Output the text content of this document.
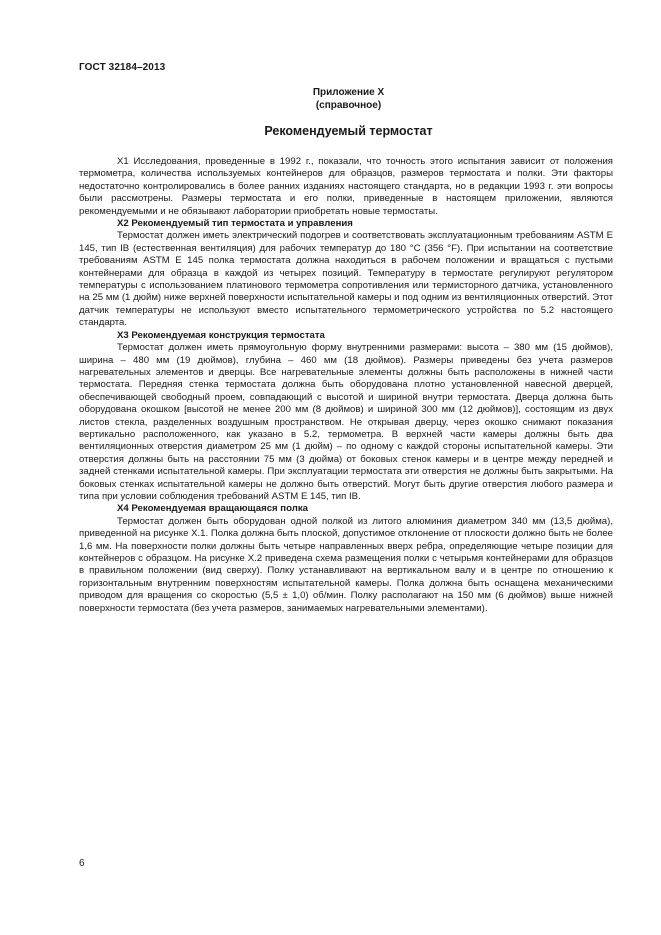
ГОСТ 32184–2013
Приложение Х
(справочное)
Рекомендуемый термостат

Х1 Исследования, проведенные в 1992 г., показали, что точность этого испытания зависит от положения термометра, количества используемых контейнеров для образцов, размеров термостата и полки. Эти факторы недостаточно контролировались в более ранних изданиях настоящего стандарта, но в редакции 1993 г. эти вопросы были рассмотрены. Размеры термостата и его полки, приведенные в настоящем приложении, являются рекомендуемыми и не обязывают лаборатории приобретать новые термостаты.

Х2 Рекомендуемый тип термостата и управления

Термостат должен иметь электрический подогрев и соответствовать эксплуатационным требованиям ASTM E 145, тип IB (естественная вентиляция) для рабочих температур до 180 °C (356 °F). При испытании на соответствие требованиям ASTM E 145 полка термостата должна находиться в рабочем положении и вращаться с пустыми контейнерами для образца в каждой из четырех позиций. Температуру в термостате регулируют регулятором температуры с использованием платинового термометра сопротивления или термисторного датчика, установленного на 25 мм (1 дюйм) ниже верхней поверхности испытательной камеры и под одним из вентиляционных отверстий. Этот датчик температуры не используют вместо испытательного термометрического устройства по 5.2 настоящего стандарта.

Х3 Рекомендуемая конструкция термостата

Термостат должен иметь прямоугольную форму внутренними размерами: высота – 380 мм (15 дюймов), ширина – 480 мм (19 дюймов), глубина – 460 мм (18 дюймов). Размеры приведены без учета размеров нагревательных элементов и дверцы. Все нагревательные элементы должны быть расположены в нижней части термостата. Передняя стенка термостата должна быть оборудована плотно установленной навесной дверцей, обеспечивающей свободный проем, совпадающий с высотой и шириной внутри термостата. Дверца должна быть оборудована окошком [высотой не менее 200 мм (8 дюймов) и шириной 300 мм (12 дюймов)], состоящим из двух листов стекла, разделенных воздушным пространством. Не открывая дверцу, через окошко снимают показания вертикально расположенного, как указано в 5.2, термометра. В верхней части камеры должны быть два вентиляционных отверстия диаметром 25 мм (1 дюйм) – по одному с каждой стороны испытательной камеры. Эти отверстия должны быть на расстоянии 75 мм (3 дюйма) от боковых стенок камеры и в центре между передней и задней стенками испытательной камеры. При эксплуатации термостата эти отверстия не должны быть закрытыми. На боковых стенках испытательной камеры не должно быть отверстий. Могут быть другие отверстия любого размера и типа при условии соблюдения требований ASTM E 145, тип IB.

Х4 Рекомендуемая вращающаяся полка

Термостат должен быть оборудован одной полкой из литого алюминия диаметром 340 мм (13,5 дюйма), приведенной на рисунке Х.1. Полка должна быть плоской, допустимое отклонение от плоскости должно быть не более 1,6 мм. На поверхности полки должны быть четыре направленных вверх ребра, определяющие четыре позиции для контейнеров с образцом. На рисунке Х.2 приведена схема размещения полки с четырьмя контейнерами для образцов в правильном положении (вид сверху). Полку устанавливают на вертикальном валу и в центре по отношению к горизонтальным внутренним поверхностям испытательной камеры. Полка должна быть оснащена механическими приводом для вращения со скоростью (5,5 ± 1,0) об/мин. Полку располагают на 150 мм (6 дюймов) выше нижней поверхности термостата (без учета размеров, занимаемых нагревательными элементами).

6
